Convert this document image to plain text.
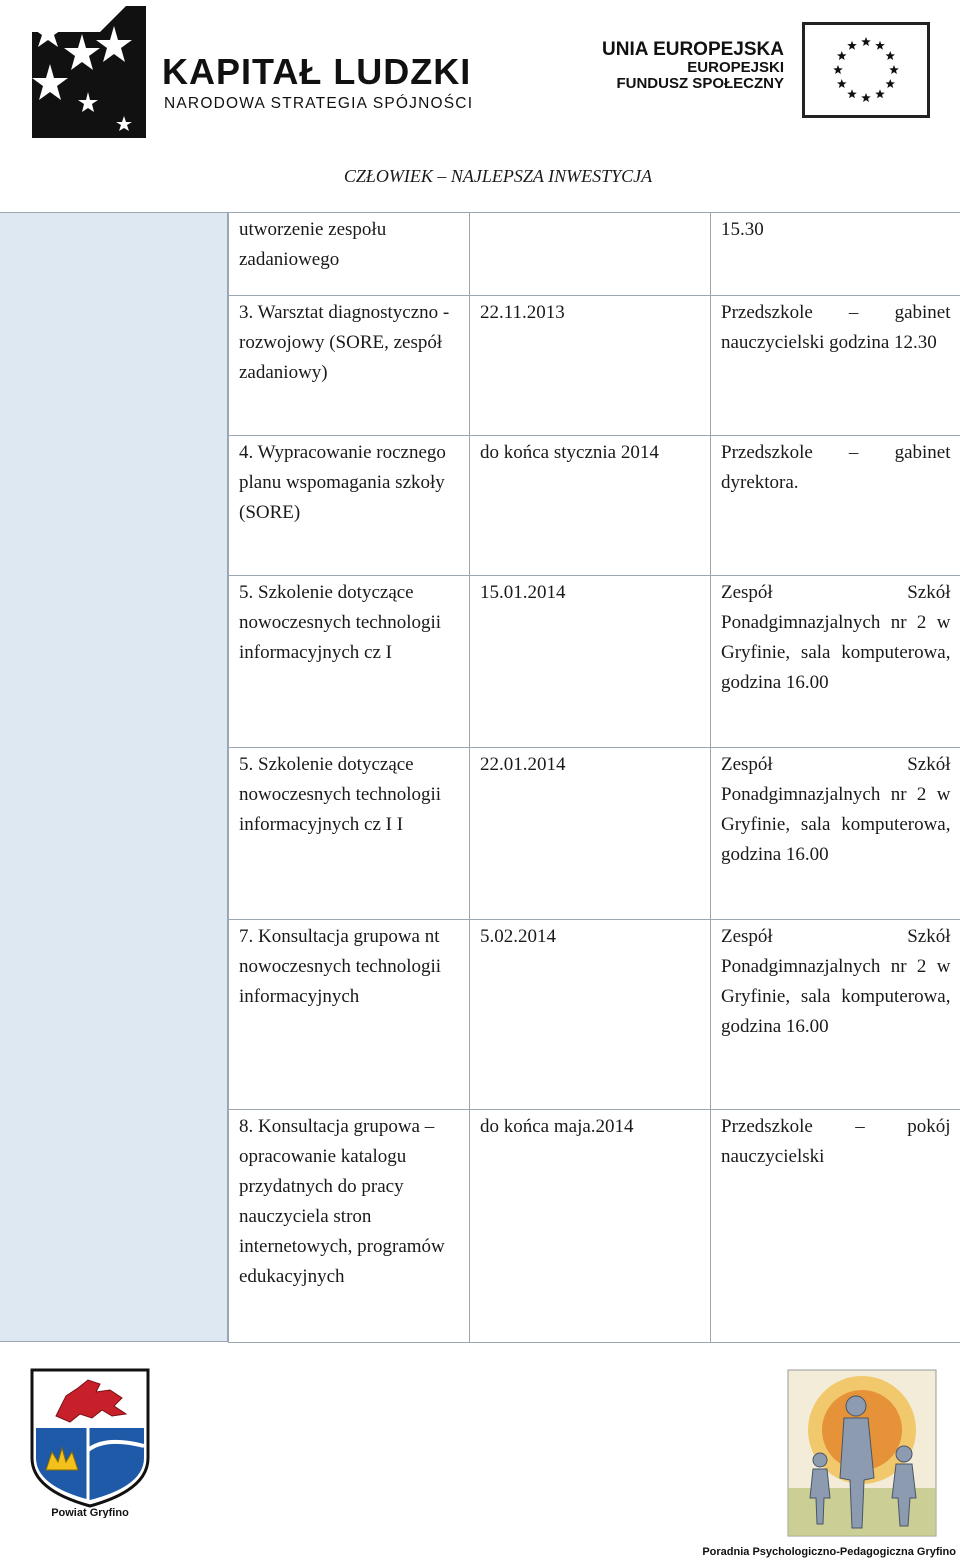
KAPITAŁ LUDZKI
NARODOWA STRATEGIA SPÓJNOŚCI
UNIA EUROPEJSKA
EUROPEJSKI
FUNDUSZ SPOŁECZNY
CZŁOWIEK – NAJLEPSZA INWESTYCJA
utworzenie zespołu zadaniowego		15.30

3. Warsztat diagnostyczno - rozwojowy (SORE, zespół zadaniowy)	22.11.2013	Przedszkole – gabinet nauczycielski godzina 12.30

4. Wypracowanie rocznego planu wspomagania szkoły (SORE)	do końca stycznia 2014	Przedszkole – gabinet dyrektora.

5. Szkolenie dotyczące nowoczesnych technologii informacyjnych cz I	15.01.2014	Zespół Szkół Ponadgimnazjalnych nr 2 w Gryfinie, sala komputerowa, godzina 16.00

5. Szkolenie dotyczące nowoczesnych technologii informacyjnych cz I I	22.01.2014	Zespół Szkół Ponadgimnazjalnych nr 2 w Gryfinie, sala komputerowa, godzina 16.00

7. Konsultacja grupowa nt nowoczesnych technologii informacyjnych	5.02.2014	Zespół Szkół Ponadgimnazjalnych nr 2 w Gryfinie, sala komputerowa, godzina 16.00

8. Konsultacja grupowa – opracowanie katalogu przydatnych do pracy nauczyciela stron internetowych, programów edukacyjnych	do końca maja.2014	Przedszkole – pokój nauczycielski
Powiat Gryfino
Poradnia Psychologiczno-Pedagogiczna Gryfino
